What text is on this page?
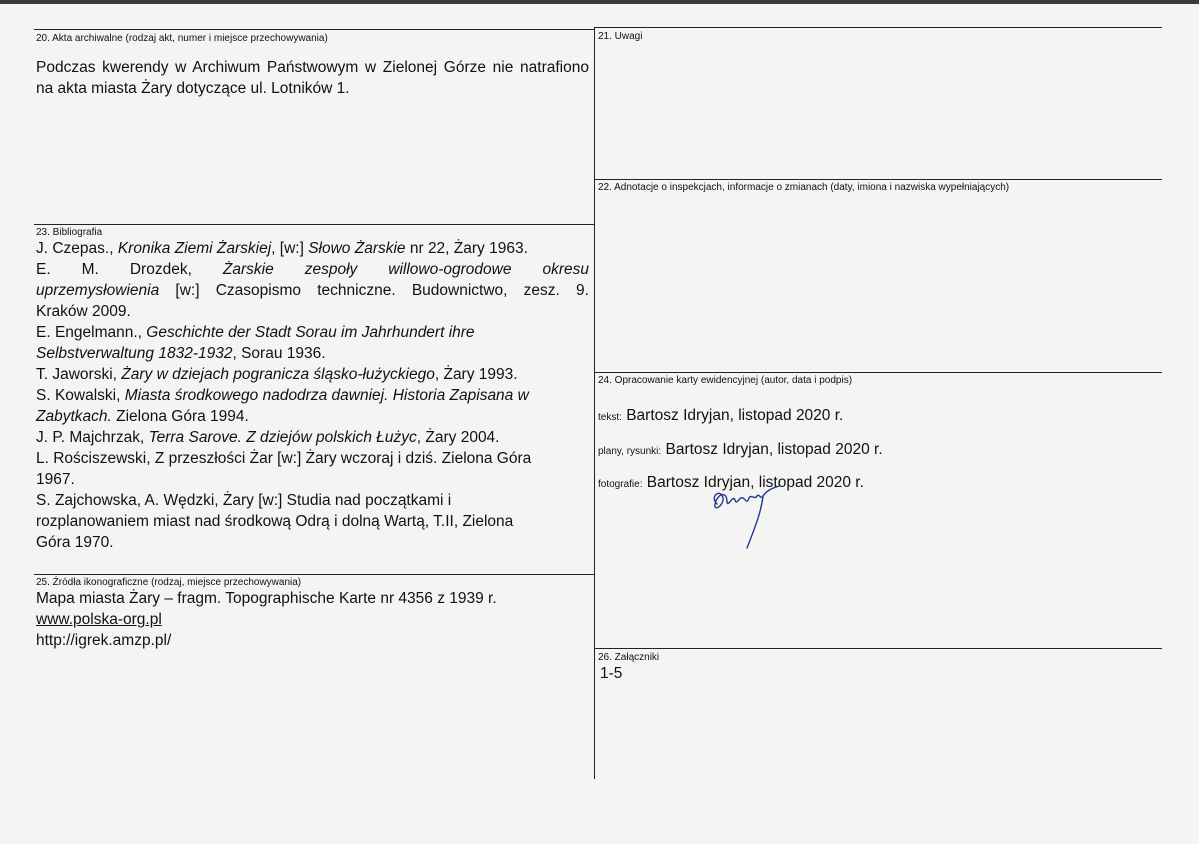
20. Akta archiwalne (rodzaj akt, numer i miejsce przechowywania)
Podczas kwerendy w Archiwum Państwowym w Zielonej Górze nie natrafiono na akta miasta Żary dotyczące ul. Lotników 1.
21. Uwagi
22. Adnotacje o inspekcjach, informacje o zmianach (daty, imiona i nazwiska wypełniających)
23. Bibliografia

J. Czepas., Kronika Ziemi Żarskiej, [w:] Słowo Żarskie nr 22, Żary 1963.

E. M. Drozdek, Żarskie zespoły willowo-ogrodowe okresu

uprzemysłowienia [w:] Czasopismo techniczne. Budownictwo, zesz. 9.

Kraków 2009.

E. Engelmann., Geschichte der Stadt Sorau im Jahrhundert ihre

Selbstverwaltung 1832-1932, Sorau 1936.

T. Jaworski, Żary w dziejach pogranicza śląsko-łużyckiego, Żary 1993.

S. Kowalski, Miasta środkowego nadodrza dawniej. Historia Zapisana w

Zabytkach. Zielona Góra 1994.

J. P. Majchrzak, Terra Sarove. Z dziejów polskich Łużyc, Żary 2004.

L. Rościszewski, Z przeszłości Żar [w:] Żary wczoraj i dziś. Zielona Góra

1967.

S. Zajchowska, A. Wędzki, Żary [w:] Studia nad początkami i

rozplanowaniem miast nad środkową Odrą i dolną Wartą, T.II, Zielona

Góra 1970.

24. Opracowanie karty ewidencyjnej (autor, data i podpis)
tekst: Bartosz Idryjan, listopad 2020 r.
plany, rysunki: Bartosz Idryjan, listopad 2020 r.
fotografie: Bartosz Idryjan, listopad 2020 r.
25. Źródła ikonograficzne (rodzaj, miejsce przechowywania)
Mapa miasta Żary – fragm. Topographische Karte nr 4356 z 1939 r.
www.polska-org.pl
http://igrek.amzp.pl/
26. Załączniki
1-5
